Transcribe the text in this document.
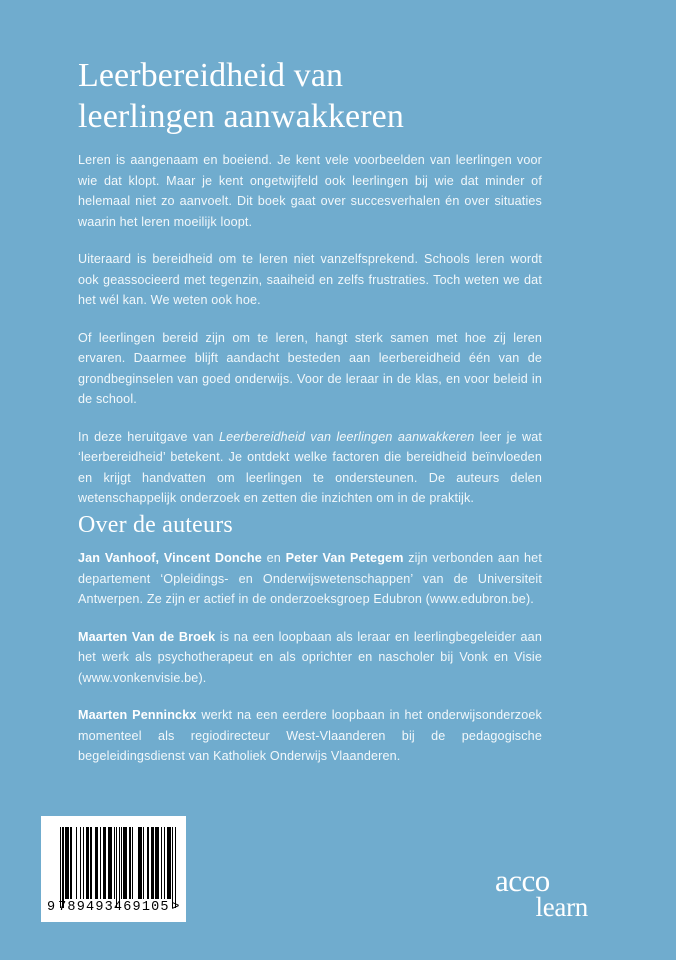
Leerbereidheid van
leerlingen aanwakkeren

Leren is aangenaam en boeiend. Je kent vele voorbeelden van leerlingen voor wie dat klopt. Maar je kent ongetwijfeld ook leerlingen bij wie dat minder of helemaal niet zo aanvoelt. Dit boek gaat over succesverhalen én over situaties waarin het leren moeilijk loopt.

Uiteraard is bereidheid om te leren niet vanzelfsprekend. Schools leren wordt ook geassocieerd met tegenzin, saaiheid en zelfs frustraties. Toch weten we dat het wél kan. We weten ook hoe.

Of leerlingen bereid zijn om te leren, hangt sterk samen met hoe zij leren ervaren. Daarmee blijft aandacht besteden aan leerbereidheid één van de grondbeginselen van goed onderwijs. Voor de leraar in de klas, en voor beleid in de school.

In deze heruitgave van Leerbereidheid van leerlingen aanwakkeren leer je wat ‘leerbereidheid’ betekent. Je ontdekt welke factoren die bereidheid beïnvloeden en krijgt handvatten om leerlingen te ondersteunen. De auteurs delen wetenschappelijk onderzoek en zetten die inzichten om in de praktijk.

Over de auteurs

Jan Vanhoof, Vincent Donche en Peter Van Petegem zijn verbonden aan het departement ‘Opleidings- en Onderwijswetenschappen’ van de Universiteit Antwerpen. Ze zijn er actief in de onderzoeksgroep Edubron (www.edubron.be).

Maarten Van de Broek is na een loopbaan als leraar en leerlingbegeleider aan het werk als psychotherapeut en als oprichter en nascholer bij Vonk en Visie (www.vonkenvisie.be).

Maarten Penninckx werkt na een eerdere loopbaan in het onderwijsonderzoek momenteel als regiodirecteur West-Vlaanderen bij de pedagogische begeleidingsdienst van Katholiek Onderwijs Vlaanderen.

9 789493 469105 >
acco
learn
